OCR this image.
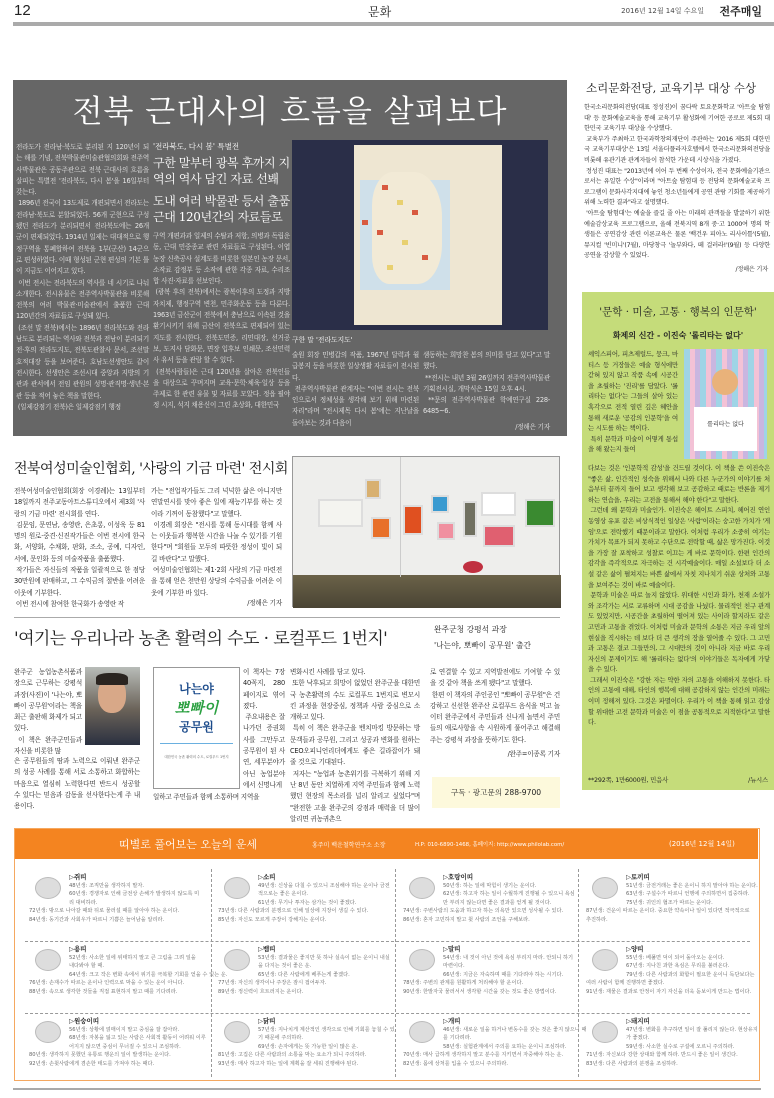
12	문화	2016년 12월 14일 수요일 전주매일
전북 근대사의 흐름을 살펴보다
전라도가 전라남·북도로 분리된 지 120년이 되는 해를 기념, 전북박물관미술관협의회와 전주역사박물관은 공동주관으로 전북 근대사의 흐름을 살피는 특별전 '전라북도, 다시 봄'을 16일부터 갖는다.
1896년 전국이 13도제로 개편되면서 전라도는 전라남·북도로 분할되었다. 56개 군현으로 구성됐던 전라도가 분리되면서 전라북도에는 26개 군이 편제되었다. 1914년 일제는 대대적으로 행정구역을 통폐합하여 전북을 1부(군산) 14군으로 편성하였다. 이때 형성된 군현 편성의 기본 틀이 지금도 이어지고 있다.
이번 전시는 전라북도의 역사를 네 시기로 나눠 소개한다. 전시유물은 전주역사박물관을 비롯해 전북의 여러 박물관·미술관에서 출품한 근대 120년간의 자료들로 구성돼 있다.
(조선 말 전북)에서는 1896년 전라북도와 전라남도로 분리되는 역사와 전북과 전남이 분리되기 전·후의 전라도지도, 전북도관찰사 문서, 조선말 호적대장 등을 보여준다. 호남도선생안도 같이 전시한다. 선생안은 조선시대 중앙과 지방의 기관과 관서에서 전임 관원의 성명·관직명·생년·본관 등을 적어 놓은 책을 말한다.
(일제강점기 전북)은 일제강점기 행정
'전라북도, 다시 봄' 특별전
구한 말부터 광복 후까지 지역의 역사 담긴 자료 선봬
도내 여러 박물관 등서 출품 근대 120년간의 자료들로
구역 개편과과 일제의 수탈과 저항, 의병과 독립운동, 근대 민중종교 관련 자료들로 구성된다. 이엽농장 신축공사 설계도를 비롯한 일본인 농장 문서, 소작료 감정부 등 소작에 관한 각종 자료, 수리조합 사진·자료를 선보인다.
(광복 후의 전북)에서는 광복이후의 도정과 지방자치제, 행정구역 변천, 민주화운동 등을 다룬다. 1963년 금산군이 전북에서 충남으로 이속된 것을 환기시키기 위해 금산이 전북으로 편제되어 있는 지도를 전시한다. 전북도민증, 리민대장, 선거공보, 도지사 담화문, 면장 입후보 인쇄문, 조선민력사 유서 등을 관람 할 수 있다.
(전북사람들)은 근대 120년을 살아온 전북인들을 대상으로 꾸며지며 교육·문학·체육·일상 등을 주제로 한 관련 유물 및 자료를 모았다. 정읍 필야정 시지, 석지 채용신이 그린 초상화, 대한민국
구한 말 '전라도지도'
술원 회장 민병갑의 작품, 1967년 달력과 월급봉지 등을 비롯한 일상생활 자료들이 전시된다.
전주역사박물관 관계자는 "이번 전시는 전북인으로서 정체성을 생각해 보기 위해 마련된 자리"라며 "전시제목 다시 봄'에는 지난날을 돌아보는 것과 다음이
샘동하는 희망찬 봄의 의미를 담고 있다"고 말했다.
**전시는 내년 3월 26일까지 전주역사박물관 기획전시실, 개막식은 15일 오후 4시.
**문의 전주역사박물관 학예연구실 228-6485~6.
/정해은 기자
소리문화전당, 교육기부 대상 수상
한국소리문화의전당(대표 정성진)이 꿈다락 토요문화학교 '아트숲 탐험대' 등 문화예술교육을 통해 교육기부 활성화에 기여한 공로로 제5회 대한민국 교육기부 대상을 수상했다.
교육부가 주최하고 한국과학창의재단이 주관하는 '2016 제5회 대한민국 교육기부대상'은 13일 서울더플라자호텔에서 한국소리문화의전당을 비롯해 유관기관 관계자들이 참석한 가운데 시상식을 가졌다.
정성진 대표는 "2013년에 이어 두 번째 수상이자, 전국 문화예술기관으로서는 유일한 수상"이라며 "아트숲 탐험대 등 전당의 문화예술교육 프로그램이 문화사각지대에 놓인 청소년들에게 공연 관람 기회를 제공하기 위해 노력한 결과"라고 설명했다.
'아트숲 탐험대'는 예술을 즐길 줄 아는 미래의 관객들을 발굴하기 위한 예술감상교육 프로그램으로, 올해 전북지역 8개 중·고 1000여 명의 학생들은 공연감상 관련 이론교육은 물론 '백건우 피아노 리사이틀'(5월), 뮤지컬 '빈미니'(7월), 마당창극 '놀부와다, 떼 걸러라!'(9월) 등 다양한 공연을 감상할 수 있었다.
/정해은 기자
'문학 · 미술, 고통 · 행복의 인문학'
화제의 신간 - 이진숙 '롤리타는 없다'
셰익스피어, 피츠제럴드, 뭉크, 마티스 등 거장들은 예술 형식에만 갇혀 있지 않고 작품 속에 시공간을 초월하는 '진리'를 담았다. '롤리타는 없다'는 그들의 살아 있는 혹각으로 전적 열린 깊은 혜안을 통해 새로운 '공감의 인문학'을 여는 시도를 하는 책이다.
특히 문학과 미술이 어떻게 통섭을 해 왔는지 들여
롤리타는 없다
다보는 것은 '인문학적 감성'을 건드릴 것이다. 이 책을 쓴 이진숙은 "좋은 삶, 인간적인 성숙을 위해서 나와 다른 누군가의 이야기를 처음부터 끝까지 들어 보고 생각해 보고 공감하고 때로는 반론을 제기하는 연습을, 우리는 고전을 통해서 해야 한다"고 말한다.
그런데 왜 문학과 미술인가. 이진숙은 헤이트 스피치, 헤어진 연인 동영상 유포 같은 비상식적인 일상은 '사람'이라는 숭고한 가치가 '게임'으로 전락했기 때문이라고 말한다. 이처럼 우리가 소중히 여기는 가치가 목표가 되지 못하고 수단으로 전락할 때, 삶은 망가진다. 이것을 가장 잘 포착하고 성찰로 이끄는 게 바로 문학이다. 한편 인간의 감각을 즉각적으로 자극하는 건 시각예술이다. 매일 소설보다 더 소설 같은 삶이 펼쳐지는 바쁜 삶에서 자칫 지나치기 쉬운 상처와 고통을 보여주는 것이 바로 예술이다.
문학과 미술은 따로 놀지 않았다. 위대한 시인과 화가, 천재 소설가와 조각가는 서로 교류하며 시대 공감을 나눴다. 물리적인 친구 관계도 있었지만, 시공간을 초월하여 떨어져 있는 사이라 할지라도 같은 고민과 고통을 겪었다. 이처럼 미술과 문학의 소통은 지금 우리 앞의 현실을 직시하는 데 보다 더 큰 생각의 장을 열어줄 수 있다. 그 고민과 고통은 결코 그들만의, 그 시대만의 것이 아니라 지금 바로 우리 자신의 문제이기도 해 '롤리타는 없다'의 이야기들은 독자에게 가닿을 수 있다.
그래서 이진숙은 "강한 자는 약한 자의 고통을 이해하지 못한다. 타인의 고통에 대해, 타인의 행복에 대해 공감하지 않는 인간의 미래는 이미 정해져 있다. 그것은 파멸이다. 우리가 이 책을 통해 읽고 감상할 위대한 고전 문학과 미술은 이 점을 공통적으로 지적한다"고 말한다.
**292쪽, 1만6000원, 민음사	/뉴시스
전북여성미술인협회, '사랑의 기금 마련' 전시회
전북여성미술인협회(회장 이경례)는 13일부터 18일까지 전주교동아트스튜디오에서 제3회 '사랑의 기금 마련' 전시회를 연다.
김문임, 문연남, 송영란, 은초롱, 이성욱 등 81명의 원로·중견·신진작가들은 이번 전시에 한국화, 서양화, 수채화, 판화, 조소, 공예, 디자인, 서예, 문인화 등의 미술작품을 출품했다.
작가들은 자신들의 작품을 일괄적으로 한 점당 30만원에 판매하고, 그 수익금의 절반을 어려운 이웃에 기부한다.
이번 전시에 참여한 한국화가 송영란 작
가는 "전업작가들도 그리 넉넉한 삶은 아니지만 연말연시를 맞아 좋은 일에 재능기부를 하는 것이라 기꺼이 동참했다"고 말했다.
이경례 회장은 "전시를 통해 동시대를 함께 사는 이웃들과 행복한 시간을 나눌 수 있기를 기원한다"며 "회원들 모두의 따뜻한 정성이 빛이 되길 바란다"고 말했다.
여성미술인협회는 제1·2회 사랑의 기금 마련전을 통해 얻은 천만원 상당의 수익금을 어려운 이웃에 기부한 바 있다.
/정해은 기자
'여기는 우리나라 농촌 활력의 수도 · 로컬푸드 1번지'	완주군청 강평석 과장
'나는야, 뽀빠이 공무원' 출간
완주군 농업농촌식품과장으로 근무하는 강평석 과장(사진)이 '나는야, 뽀빠이 공무원'이라는 책을 최근 출판해 화제가 되고 있다.
이 책은 완주군민들과 자신을 비롯한 많
은 공무원들의 땀과 노력으로 이뤄낸 완주군의 성공 사례를 통해 서로 소통하고 화합하는 마음으로 열심히 노력한다면 반드시 성공할 수 있다는 믿음과 감동을 선사한다는게 주 내용이다.
나는야
뽀빠이
공무원
대한민국 농촌 활력의 수도, 로컬푸드 1번지
이 책자는 7장 40꼭지, 280페이지로 엮어졌다.
주요내용은 잘 나가던 증권회사를 그만두고 공무원이 된 사연, 세무분야가 아닌 농업분야에서 신명나게
일하고 주민들과 함께 소통하며 지역을
변화시킨 사례를 담고 있다.
또한 낙후되고 희망이 없었던 완주군을 대한민국 농촌활력의 수도 로컬푸드 1번지로 변모시킨 과정을 현장중심, 정책과 사람 중심으로 소개하고 있다.
특히 이 책은 완주군을 벤치마킹 방문하는 방문객들과 공무원, 그리고 성공과 변화를 원하는 CEO오피니언리더에게도 좋은 길라잡이가 돼 줄 것으로 기대된다.
저자는 "농업과 농촌위기를 극복하기 위해 지난 8년 동안 치열하게 지역 주민들과 함께 노력했던 현장의 목소리를 널리 알리고 싶었다"며 "완전한 고을 완주군의 강점과 매력을 더 많이 알리면 귀농귀촌으
로 연결할 수 있고 지역발전에도 기여할 수 있을 것 같아 책을 쓰게 됐다"고 말했다.
한편 이 책자의 주인공인 "뽀빠이 공무원"은 건강하고 신선한 완주산 로컬푸드 음식을 먹고 놀이터 완주군에서 주민들과 신나게 놀면서 주민들의 애로사항을 속 시원하게 풀어주고 해결해 주는 강평석 과장을 뜻하기도 한다.
/완주=이종록 기자
구독 · 광고문의 288-9700
띠별로 풀어보는 오늘의 운세	홍주미 백운철학연구소 소장	H.P: 010-6890-1468, 홈페이지: http://www.philolab.com/	(2016년 12월 14일)
▷쥐띠
48년생: 조직만을 생각하지 말자.
60년생: 경쟁자로 인해 금전상 손해가 발생하지 않도록 미
리 대비하라.
72년생: 밖으로 나아갈 때와 뒤로 물러설 때를 알아야 하는 운이다.
84년생: 동기간과 사회우가 따르니 기쁨은 늘어남을 알리라.
▷소띠
49년생: 신상을 다칠 수 있으니 조심해야 하는 운이나 금전
적으로는 좋은 운이다.
61년생: 무기나 투자는 삼가는 것이 좋겠다.
73년생: 다른 사람과의 분쟁으로 인해 일상에 지장이 생길 수 있다.
85년생: 자신도 모르게 주장이 강해지는 운이다.
▷호랑이띠
50년생: 하는 일에 막힘이 생기는 운이다.
62년생: 하고자 하는 일이 수월하게 진행될 수 있으니 욕심
만 부리지 않는다면 좋은 결과를 얻게 될 것이다.
74년생: 주변사람의 도움과 하고자 하는 의욕만 있으면 성사될 수 있다.
86년생: 혼자 고민하지 말고 윗 사람의 조언을 구해보라.
▷토끼띠
51년생: 금전거래는 좋은 운이니 하지 말아야 하는 운이다.
63년생: 구설수가 따르니 언행에 주의하면서 집중하라.
75년생: 귀인의 협조가 따르는 운이다.
87년생: 건운이 따르는 운이다. 중요한 약속이나 일이 있다면 적극적으로
추진하라.
▷용띠
52년생: 사소한 일에 위태하지 말고 큰 그림을 그려 일을
내다봐야 할 때.
64년생: 크고 작은 변화 속에서 위기를 극복할 기회를 얻을 수 있는 운.
76년생: 손재수가 따르는 운이나 인력으로 막을 수 있는 운이 아니다.
88년생: 속으로 생각한 것들을 직접 표현하지 말고 때를 기다려라.
▷뱀띠
53년생: 결과물은 좋지만 뜻 하나 실속이 없는 운이니 내실
을 다지는 것이 좋은 운.
65년생: 다른 사람에게 베푸는게 좋겠다.
77년생: 자신의 생각이나 주장은 잠시 접어두자.
89년생: 정신력이 흐트러지는 운이다.
▷말띠
54년생: 내 것이 아닌 것에 욕심 부리지 마라. 안되니 하기
마련이다.
66년생: 지금은 자숙하며 때를 기다려야 하는 시기다.
78년생: 주변의 관계를 원활하게 처리해야 할 운이다.
90년생: 한발자국 물러서서 생각할 시간을 갖는 것도 좋은 방법이다.
▷양띠
55년생: 베풀면 덕이 되어 돌아오는 운이다.
67년생: 지나친 과한 욕심은 무리를 불러온다.
79년생: 다른 사람과의 화합이 필요한 운이니 독단보다는
여러 사람이 함께 진행하면 좋겠다.
91년생: 재물은 결과로 안정이 자기 자신을 더욱 돋보이게 만드는 법이다.
▷원숭이띠
56년생: 상황에 얽매이지 말고 중심을 잘 잡아라.
68년생: 자봉을 잃고 있는 사람은 사회적 활동이 어려워 이루
어지지 않으면 중심이 무너질 수 있으니 조심하라.
80년생: 생각하지 못했던 유통로 행운의 일이 발생하는 운이다.
92년생: 손윗사람에게 겸손한 태도를 가져야 하는 때다.
▷닭띠
57년생: 지나치게 계산적인 생각으로 인해 기회를 놓칠 수 있
기 때문에 주의하라.
69년생: 손자에게는 뜻 가능한 일이 많은 운.
81년생: 고집은 다른 사람과의 소통을 막는 요소가 되니 주의하라.
93년생: 매사 하고자 하는 일에 계획을 잘 세워 진행해야 된다.
▷개띠
46년생: 새로운 일을 하거나 변동수를 갖는 것은 좋지 않으니 때
를 기다려라.
58년생: 실험관계에서 주의를 요하는 운이니 조심하라.
70년생: 매사 급하게 생각하지 말고 분수를 지키면서 자중해야 하는 운.
82년생: 몸에 상처를 입을 수 있으니 주의하라.
▷돼지띠
47년생: 변화를 추구하면 일이 잘 풀리지 않는다. 현상유지
가 좋겠다.
59년생: 사소한 실수로 구설에 오르니 주의하라.
71년생: 자신보다 강한 상대와 함께 하라. 반드시 좋은 일이 생긴다.
83년생: 다른 사람과의 분쟁을 조심하라.
